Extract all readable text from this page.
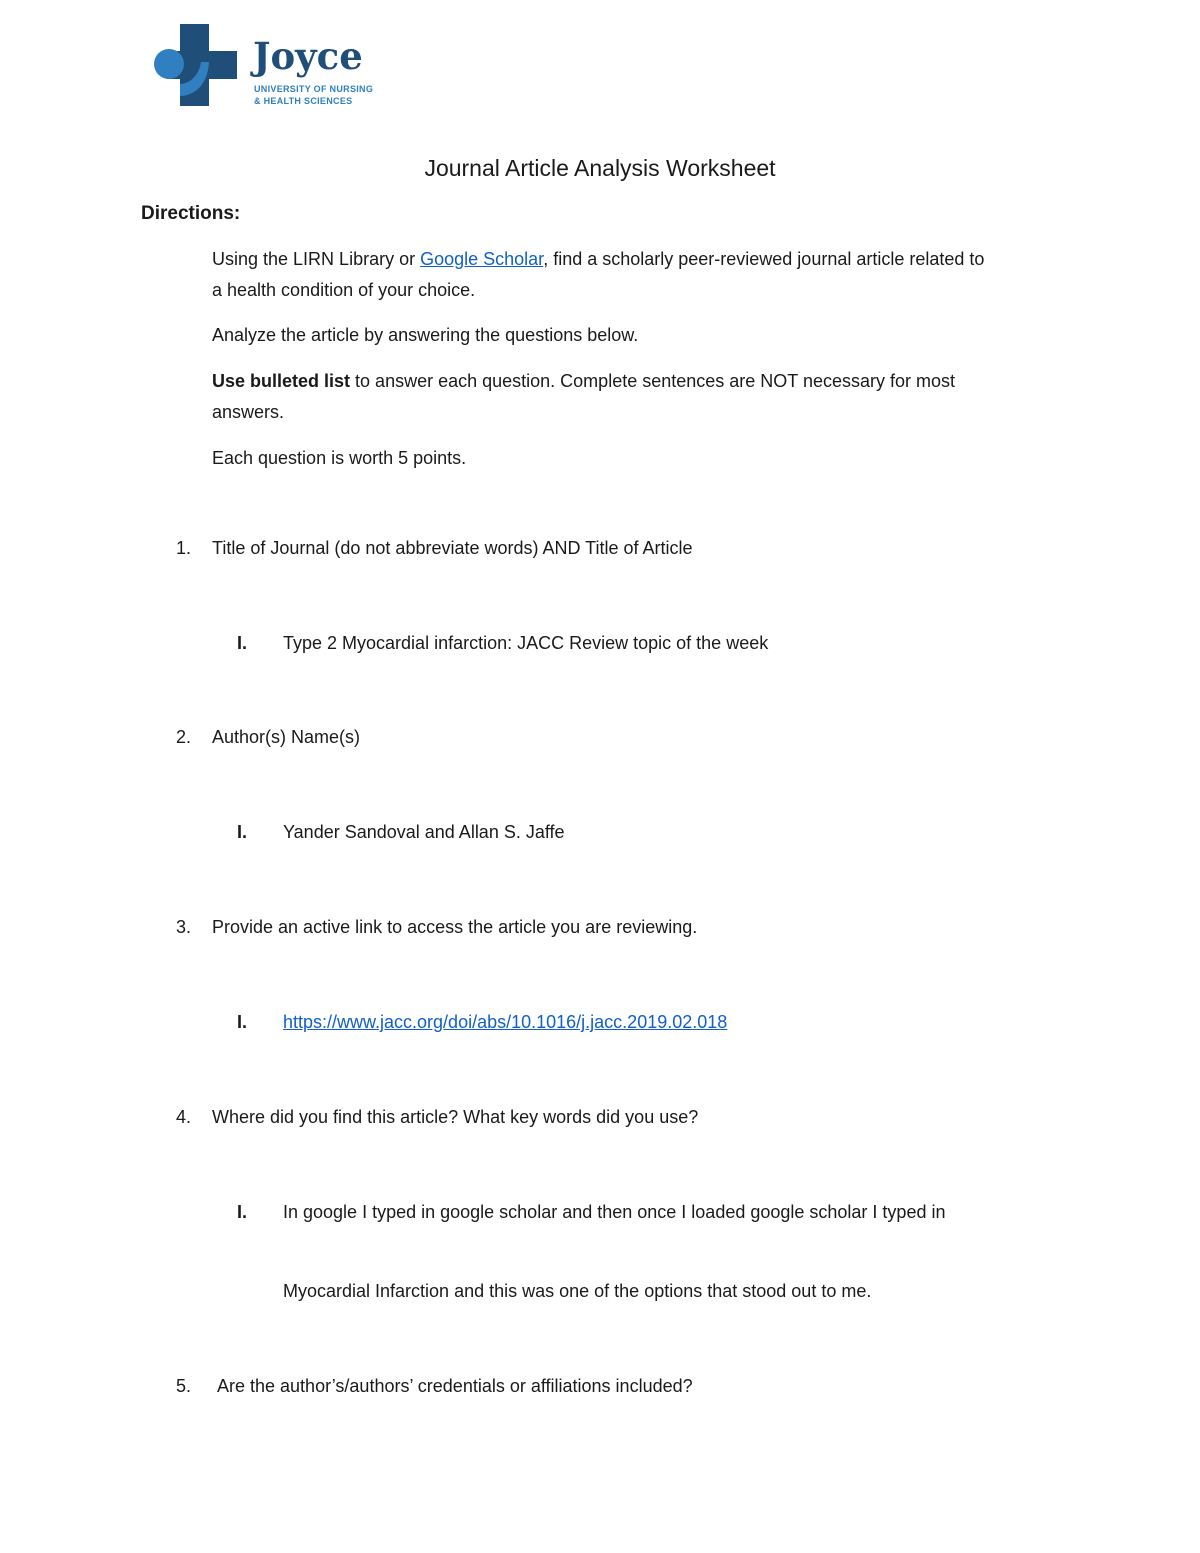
Joyce
UNIVERSITY OF NURSING
& HEALTH SCIENCES
Journal Article Analysis Worksheet
Directions:
Using the LIRN Library or Google Scholar, find a scholarly peer-reviewed journal article related to
a health condition of your choice.
Analyze the article by answering the questions below.
Use bulleted list to answer each question. Complete sentences are NOT necessary for most
answers.
Each question is worth 5 points.
1. Title of Journal (do not abbreviate words) AND Title of Article
I. Type 2 Myocardial infarction: JACC Review topic of the week
2. Author(s) Name(s)
I. Yander Sandoval and Allan S. Jaffe
3. Provide an active link to access the article you are reviewing.
I. https://www.jacc.org/doi/abs/10.1016/j.jacc.2019.02.018
4. Where did you find this article? What key words did you use?
I. In google I typed in google scholar and then once I loaded google scholar I typed in
Myocardial Infarction and this was one of the options that stood out to me.
5. Are the author’s/authors’ credentials or affiliations included?
